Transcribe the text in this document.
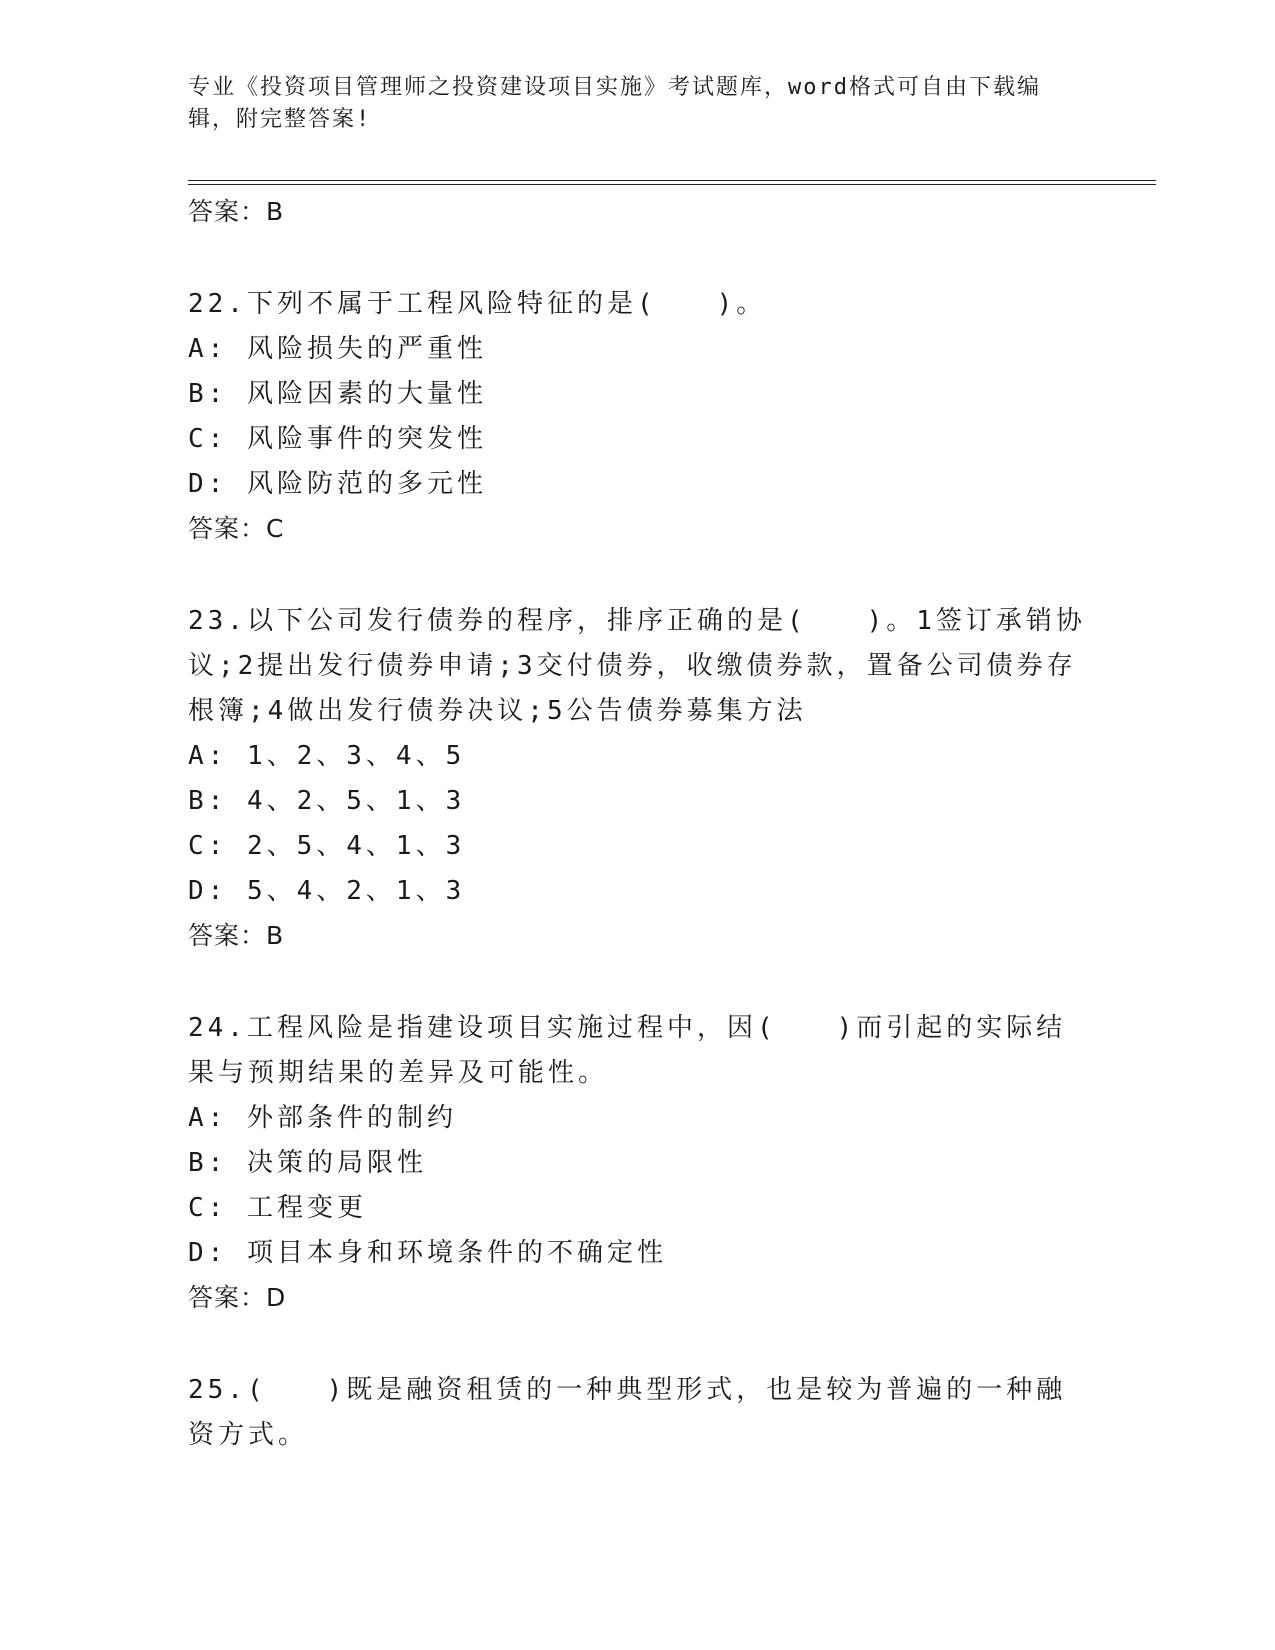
专业《投资项目管理师之投资建设项目实施》考试题库，word格式可自由下载编辑，附完整答案!
答案：B
22.下列不属于工程风险特征的是(　　)。
A: 风险损失的严重性
B: 风险因素的大量性
C: 风险事件的突发性
D: 风险防范的多元性
答案：C
23.以下公司发行债券的程序，排序正确的是(　　)。1签订承销协议;2提出发行债券申请;3交付债券，收缴债券款，置备公司债券存根簿;4做出发行债券决议;5公告债券募集方法
A: 1、2、3、4、5
B: 4、2、5、1、3
C: 2、5、4、1、3
D: 5、4、2、1、3
答案：B
24.工程风险是指建设项目实施过程中，因(　　)而引起的实际结果与预期结果的差异及可能性。
A: 外部条件的制约
B: 决策的局限性
C: 工程变更
D: 项目本身和环境条件的不确定性
答案：D
25.(　　)既是融资租赁的一种典型形式，也是较为普遍的一种融资方式。
